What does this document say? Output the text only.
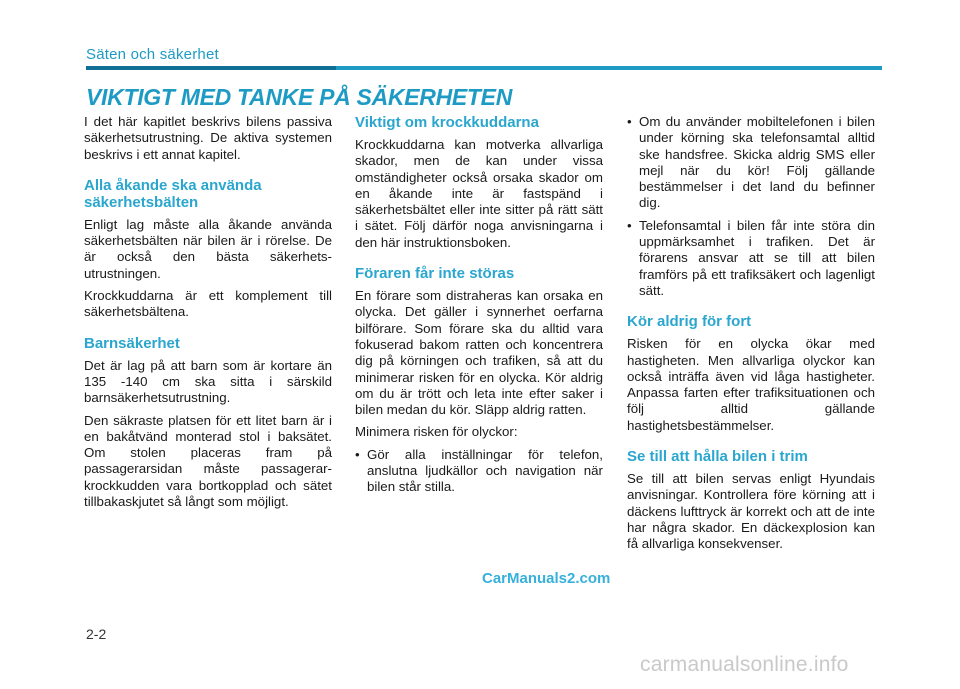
Säten och säkerhet
VIKTIGT MED TANKE PÅ SÄKERHETEN

I det här kapitlet beskrivs bilens passiva säkerhetsutrustning. De aktiva systemen beskrivs i ett annat kapitel.

Alla åkande ska använda säkerhetsbälten

Enligt lag måste alla åkande använda säkerhetsbälten när bilen är i rörelse. De är också den bästa säkerhets-utrustningen.

Krockkuddarna är ett komplement till säkerhetsbältena.

Barnsäkerhet

Det är lag på att barn som är kortare än 135 -140 cm ska sitta i särskild barnsäkerhetsutrustning.

Den säkraste platsen för ett litet barn är i en bakåtvänd monterad stol i baksätet. Om stolen placeras fram på passagerarsidan måste passagerar-krockkudden vara bortkopplad och sätet tillbakaskjutet så långt som möjligt.

Viktigt om krockkuddarna

Krockkuddarna kan motverka allvarliga skador, men de kan under vissa omständigheter också orsaka skador om en åkande inte är fastspänd i säkerhetsbältet eller inte sitter på rätt sätt i sätet. Följ därför noga anvisningarna i den här instruktionsboken.

Föraren får inte störas

En förare som distraheras kan orsaka en olycka. Det gäller i synnerhet oerfarna bilförare. Som förare ska du alltid vara fokuserad bakom ratten och koncentrera dig på körningen och trafiken, så att du minimerar risken för en olycka. Kör aldrig om du är trött och leta inte efter saker i bilen medan du kör. Släpp aldrig ratten.

Minimera risken för olyckor:

• Gör alla inställningar för telefon, anslutna ljudkällor och navigation när bilen står stilla.
• Om du använder mobiltelefonen i bilen under körning ska telefonsamtal alltid ske handsfree. Skicka aldrig SMS eller mejl när du kör! Följ gällande bestämmelser i det land du befinner dig.
• Telefonsamtal i bilen får inte störa din uppmärksamhet i trafiken. Det är förarens ansvar att se till att bilen framförs på ett trafiksäkert och lagenligt sätt.
Kör aldrig för fort

Risken för en olycka ökar med hastigheten. Men allvarliga olyckor kan också inträffa även vid låga hastigheter. Anpassa farten efter trafiksituationen och följ alltid gällande hastighetsbestämmelser.

Se till att hålla bilen i trim

Se till att bilen servas enligt Hyundais anvisningar. Kontrollera före körning att i däckens lufttryck är korrekt och att de inte har några skador. En däckexplosion kan få allvarliga konsekvenser.

CarManuals2.com
2-2
carmanualsonline.info
